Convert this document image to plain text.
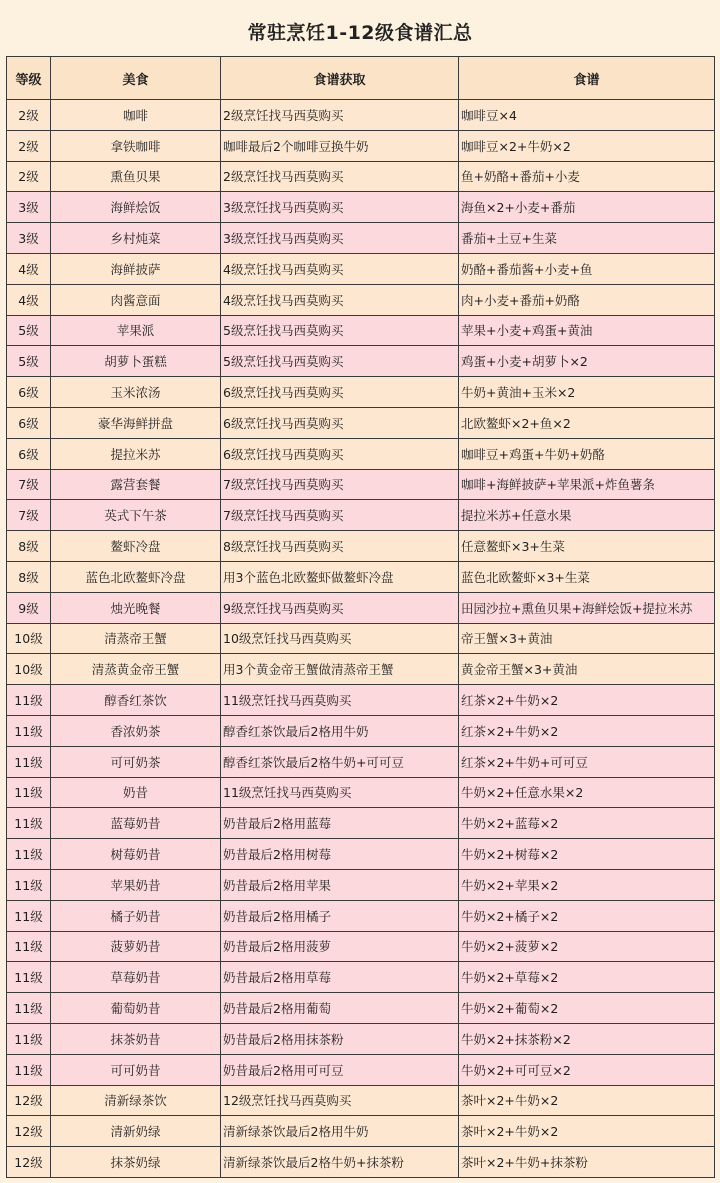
常驻烹饪1-12级食谱汇总
等级	美食	食谱获取	食谱
2级	咖啡	2级烹饪找马西莫购买	咖啡豆×4
2级	拿铁咖啡	咖啡最后2个咖啡豆换牛奶	咖啡豆×2+牛奶×2
2级	熏鱼贝果	2级烹饪找马西莫购买	鱼+奶酪+番茄+小麦
3级	海鲜烩饭	3级烹饪找马西莫购买	海鱼×2+小麦+番茄
3级	乡村炖菜	3级烹饪找马西莫购买	番茄+土豆+生菜
4级	海鲜披萨	4级烹饪找马西莫购买	奶酪+番茄酱+小麦+鱼
4级	肉酱意面	4级烹饪找马西莫购买	肉+小麦+番茄+奶酪
5级	苹果派	5级烹饪找马西莫购买	苹果+小麦+鸡蛋+黄油
5级	胡萝卜蛋糕	5级烹饪找马西莫购买	鸡蛋+小麦+胡萝卜×2
6级	玉米浓汤	6级烹饪找马西莫购买	牛奶+黄油+玉米×2
6级	豪华海鲜拼盘	6级烹饪找马西莫购买	北欧鳌虾×2+鱼×2
6级	提拉米苏	6级烹饪找马西莫购买	咖啡豆+鸡蛋+牛奶+奶酪
7级	露营套餐	7级烹饪找马西莫购买	咖啡+海鲜披萨+苹果派+炸鱼薯条
7级	英式下午茶	7级烹饪找马西莫购买	提拉米苏+任意水果
8级	鳌虾冷盘	8级烹饪找马西莫购买	任意鳌虾×3+生菜
8级	蓝色北欧鳌虾冷盘	用3个蓝色北欧鳌虾做鳌虾冷盘	蓝色北欧鳌虾×3+生菜
9级	烛光晚餐	9级烹饪找马西莫购买	田园沙拉+熏鱼贝果+海鲜烩饭+提拉米苏
10级	清蒸帝王蟹	10级烹饪找马西莫购买	帝王蟹×3+黄油
10级	清蒸黄金帝王蟹	用3个黄金帝王蟹做清蒸帝王蟹	黄金帝王蟹×3+黄油
11级	醇香红茶饮	11级烹饪找马西莫购买	红茶×2+牛奶×2
11级	香浓奶茶	醇香红茶饮最后2格用牛奶	红茶×2+牛奶×2
11级	可可奶茶	醇香红茶饮最后2格牛奶+可可豆	红茶×2+牛奶+可可豆
11级	奶昔	11级烹饪找马西莫购买	牛奶×2+任意水果×2
11级	蓝莓奶昔	奶昔最后2格用蓝莓	牛奶×2+蓝莓×2
11级	树莓奶昔	奶昔最后2格用树莓	牛奶×2+树莓×2
11级	苹果奶昔	奶昔最后2格用苹果	牛奶×2+苹果×2
11级	橘子奶昔	奶昔最后2格用橘子	牛奶×2+橘子×2
11级	菠萝奶昔	奶昔最后2格用菠萝	牛奶×2+菠萝×2
11级	草莓奶昔	奶昔最后2格用草莓	牛奶×2+草莓×2
11级	葡萄奶昔	奶昔最后2格用葡萄	牛奶×2+葡萄×2
11级	抹茶奶昔	奶昔最后2格用抹茶粉	牛奶×2+抹茶粉×2
11级	可可奶昔	奶昔最后2格用可可豆	牛奶×2+可可豆×2
12级	清新绿茶饮	12级烹饪找马西莫购买	茶叶×2+牛奶×2
12级	清新奶绿	清新绿茶饮最后2格用牛奶	茶叶×2+牛奶×2
12级	抹茶奶绿	清新绿茶饮最后2格牛奶+抹茶粉	茶叶×2+牛奶+抹茶粉
